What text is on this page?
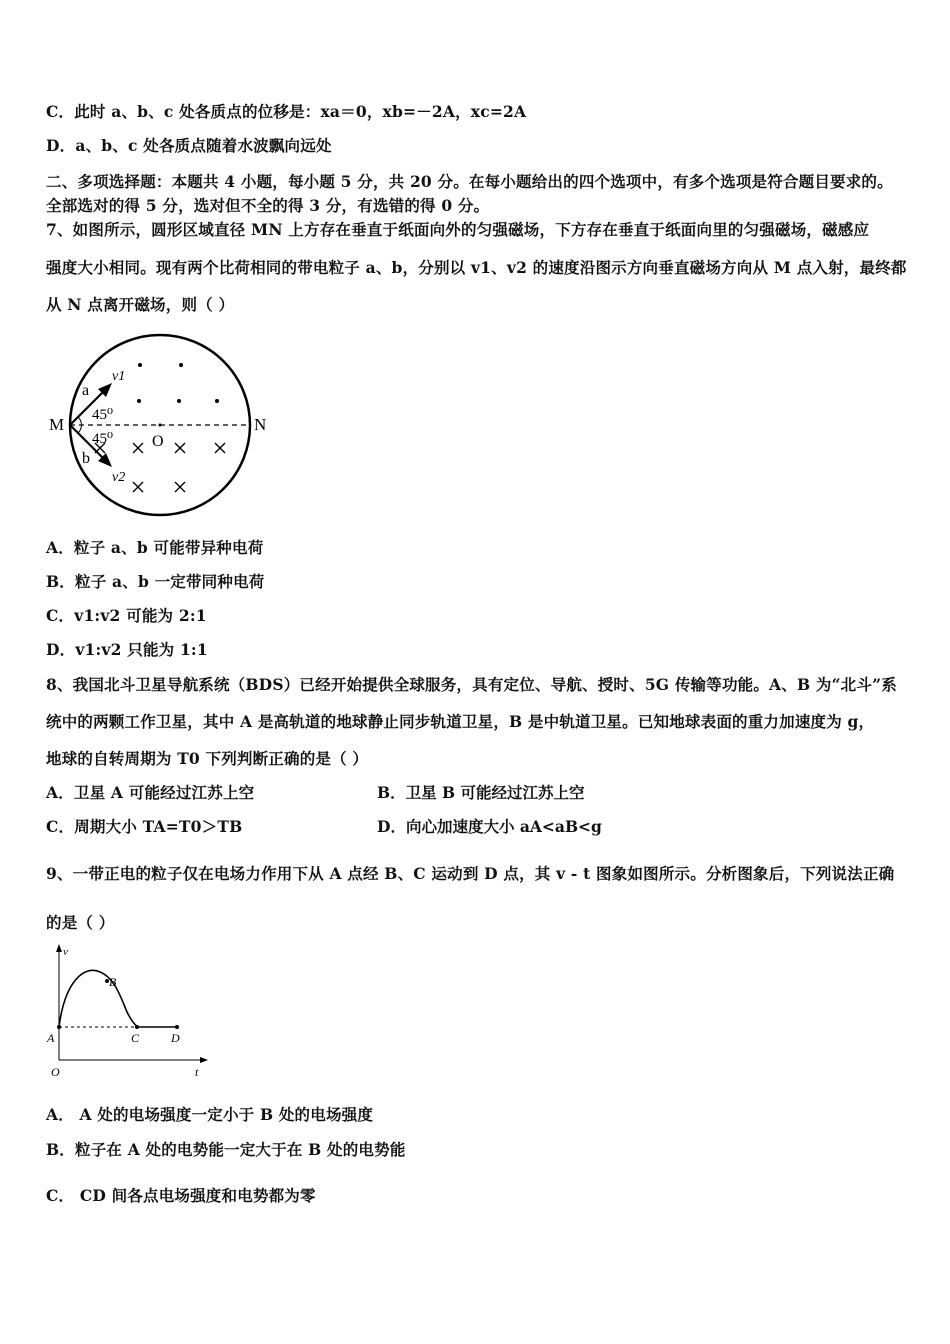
C．此时 a、b、c 处各质点的位移是：xa＝0，xb=－2A，xc=2A
D．a、b、c 处各质点随着水波飘向远处
二、多项选择题：本题共 4 小题，每小题 5 分，共 20 分。在每小题给出的四个选项中，有多个选项是符合题目要求的。
全部选对的得 5 分，选对但不全的得 3 分，有选错的得 0 分。
7、如图所示，圆形区域直径 MN 上方存在垂直于纸面向外的匀强磁场，下方存在垂直于纸面向里的匀强磁场，磁感应
强度大小相同。现有两个比荷相同的带电粒子 a、b，分别以 v1、v2 的速度沿图示方向垂直磁场方向从 M 点入射，最终都
从 N 点离开磁场，则（ ）
M	N
O
a
b
v1
v2
45⁰
45⁰
A．粒子 a、b 可能带异种电荷
B．粒子 a、b 一定带同种电荷
C．v1:v2 可能为 2:1
D．v1:v2 只能为 1:1
8、我国北斗卫星导航系统（BDS）已经开始提供全球服务，具有定位、导航、授时、5G 传输等功能。A、B 为“北斗”系
统中的两颗工作卫星，其中 A 是高轨道的地球静止同步轨道卫星，B 是中轨道卫星。已知地球表面的重力加速度为 g，
地球的自转周期为 T0 下列判断正确的是（ ）
A．卫星 A 可能经过江苏上空	B．卫星 B 可能经过江苏上空
C．周期大小 TA=T0＞TB	D．向心加速度大小 aA<aB<g
9、一带正电的粒子仅在电场力作用下从 A 点经 B、C 运动到 D 点，其 v - t 图象如图所示。分析图象后，下列说法正确
的是（ ）
v
t
O
A
B
C	D
A． A 处的电场强度一定小于 B 处的电场强度
B．粒子在 A 处的电势能一定大于在 B 处的电势能
C． CD 间各点电场强度和电势都为零
